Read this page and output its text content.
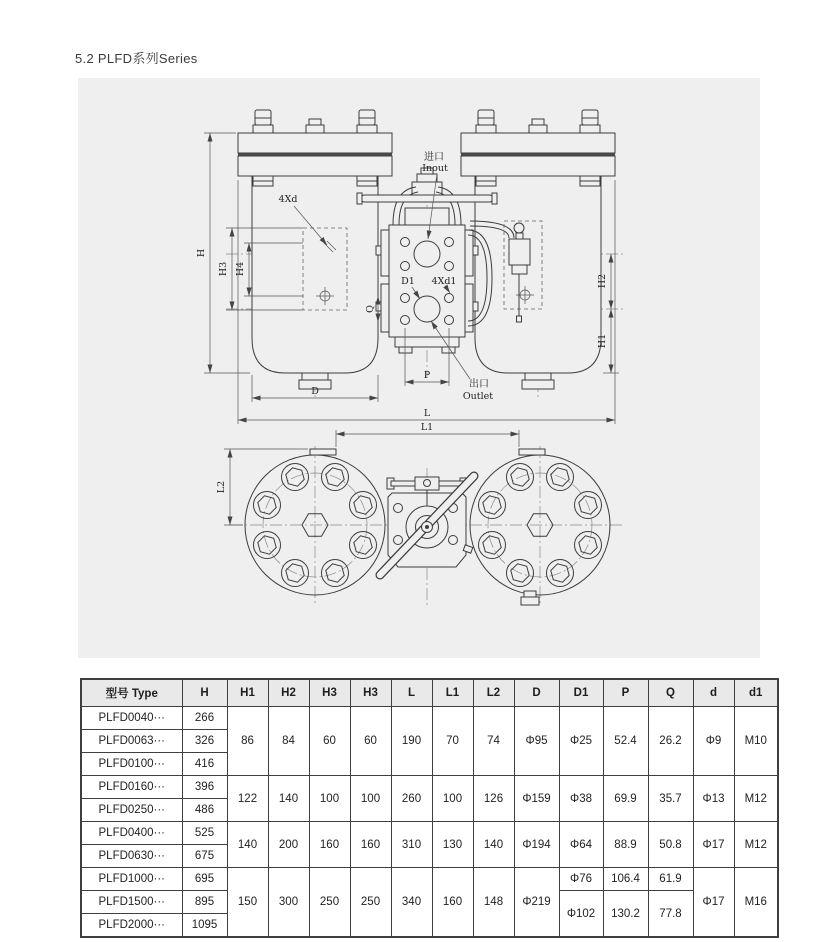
5.2 PLFD系列Series
H
H3 H4
4Xd
D
L
P
Q
D1 4Xd1	H2
H1
进口
Inout
出口
Outlet
L1
L2
型号 Type	H	H1	H2	H3	H3	L	L1	L2	D	D1	P	Q	d	d1
PLFD0040···	266	86	84	60	60	190	70	74	Φ95	Φ25	52.4	26.2	Φ9	M10
PLFD0063···	326													
PLFD0100···	416													
PLFD0160···	396	122	140	100	100	260	100	126	Φ159	Φ38	69.9	35.7	Φ13	M12
PLFD0250···	486													
PLFD0400···	525	140	200	160	160	310	130	140	Φ194	Φ64	88.9	50.8	Φ17	M12
PLFD0630···	675													
PLFD1000···	695	150	300	250	250	340	160	148	Φ219	Φ76	106.4	61.9	Φ17	M16
PLFD1500···	895									Φ102	130.2	77.8		
PLFD2000···	1095													
